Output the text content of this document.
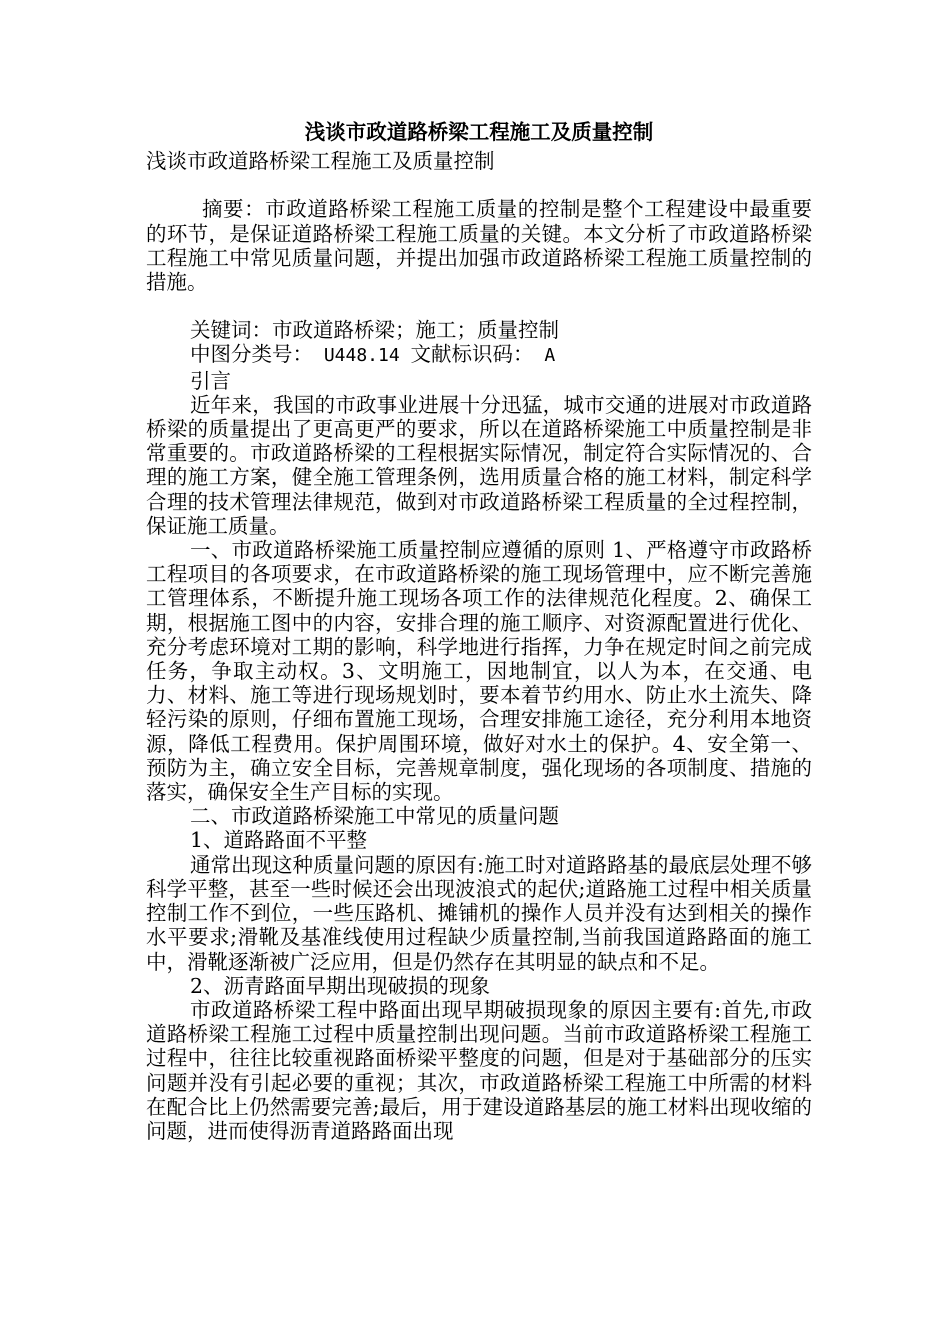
浅谈市政道路桥梁工程施工及质量控制
浅谈市政道路桥梁工程施工及质量控制
摘要：市政道路桥梁工程施工质量的控制是整个工程建设中最重要的环节，是保证道路桥梁工程施工质量的关键。本文分析了市政道路桥梁工程施工中常见质量问题，并提出加强市政道路桥梁工程施工质量控制的措施。
关键词：市政道路桥梁；施工；质量控制
中图分类号： U448.14 文献标识码： A
引言
近年来，我国的市政事业进展十分迅猛，城市交通的进展对市政道路桥梁的质量提出了更高更严的要求，所以在道路桥梁施工中质量控制是非常重要的。市政道路桥梁的工程根据实际情况，制定符合实际情况的、合理的施工方案，健全施工管理条例，选用质量合格的施工材料，制定科学合理的技术管理法律规范，做到对市政道路桥梁工程质量的全过程控制，保证施工质量。
一、市政道路桥梁施工质量控制应遵循的原则 1、严格遵守市政路桥工程项目的各项要求，在市政道路桥梁的施工现场管理中，应不断完善施工管理体系，不断提升施工现场各项工作的法律规范化程度。2、确保工期，根据施工图中的内容，安排合理的施工顺序、对资源配置进行优化、充分考虑环境对工期的影响，科学地进行指挥，力争在规定时间之前完成任务，争取主动权。3、文明施工，因地制宜，以人为本，在交通、电力、材料、施工等进行现场规划时，要本着节约用水、防止水土流失、降轻污染的原则，仔细布置施工现场，合理安排施工途径，充分利用本地资源，降低工程费用。保护周围环境，做好对水土的保护。4、安全第一、预防为主，确立安全目标，完善规章制度，强化现场的各项制度、措施的落实，确保安全生产目标的实现。
二、市政道路桥梁施工中常见的质量问题
1、道路路面不平整
通常出现这种质量问题的原因有:施工时对道路路基的最底层处理不够科学平整，甚至一些时候还会出现波浪式的起伏;道路施工过程中相关质量控制工作不到位，一些压路机、摊铺机的操作人员并没有达到相关的操作水平要求;滑靴及基准线使用过程缺少质量控制,当前我国道路路面的施工中，滑靴逐渐被广泛应用，但是仍然存在其明显的缺点和不足。
2、沥青路面早期出现破损的现象
市政道路桥梁工程中路面出现早期破损现象的原因主要有:首先,市政道路桥梁工程施工过程中质量控制出现问题。当前市政道路桥梁工程施工过程中，往往比较重视路面桥梁平整度的问题，但是对于基础部分的压实问题并没有引起必要的重视；其次，市政道路桥梁工程施工中所需的材料在配合比上仍然需要完善;最后，用于建设道路基层的施工材料出现收缩的问题，进而使得沥青道路路面出现
